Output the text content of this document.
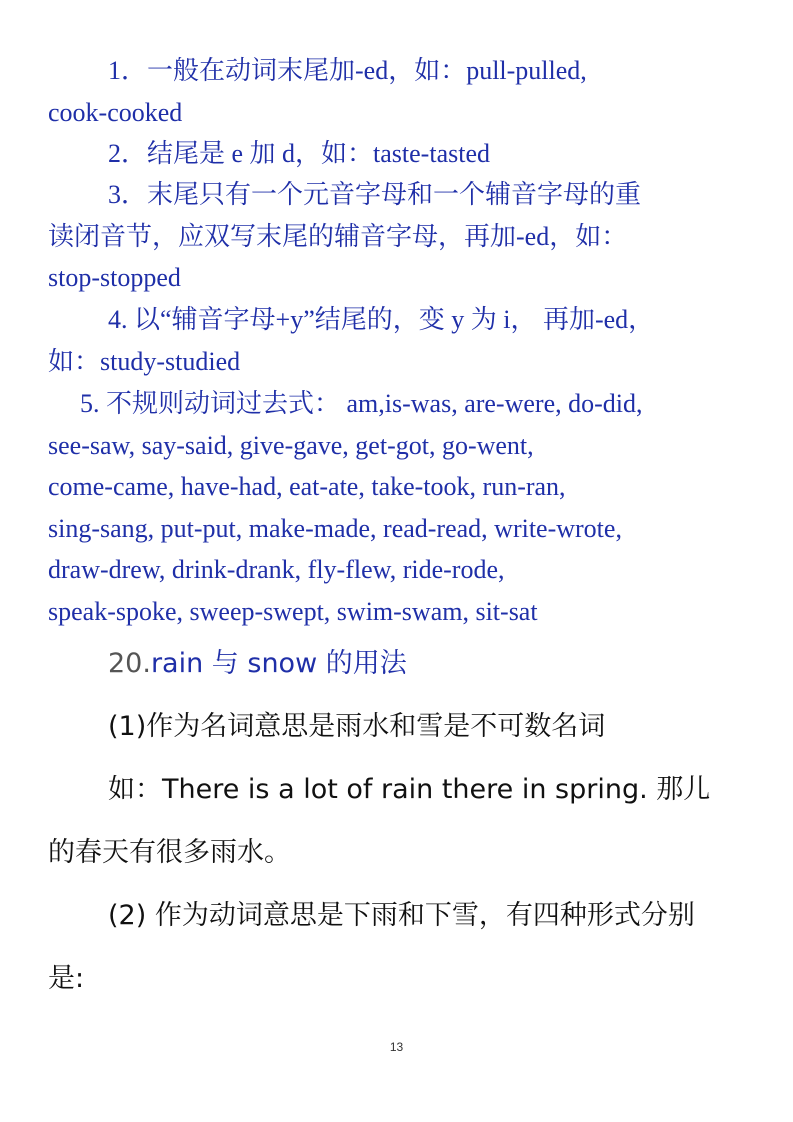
1．一般在动词末尾加-ed，如：pull-pulled,
cook-cooked
2．结尾是 e 加 d，如：taste-tasted
3．末尾只有一个元音字母和一个辅音字母的重
读闭音节，应双写末尾的辅音字母，再加-ed，如：
stop-stopped
4. 以“辅音字母+y”结尾的，变 y 为 i， 再加-ed，
如：study-studied
5. 不规则动词过去式： am,is-was, are-were, do-did,
see-saw, say-said, give-gave, get-got, go-went,
come-came, have-had, eat-ate, take-took, run-ran,
sing-sang, put-put, make-made, read-read, write-wrote,
draw-drew, drink-drank, fly-flew, ride-rode,
speak-spoke, sweep-swept, swim-swam, sit-sat
20.rain 与 snow 的用法
(1)作为名词意思是雨水和雪是不可数名词
如：There is a lot of rain there in spring. 那儿
的春天有很多雨水。
(2) 作为动词意思是下雨和下雪，有四种形式分别
是:
13
